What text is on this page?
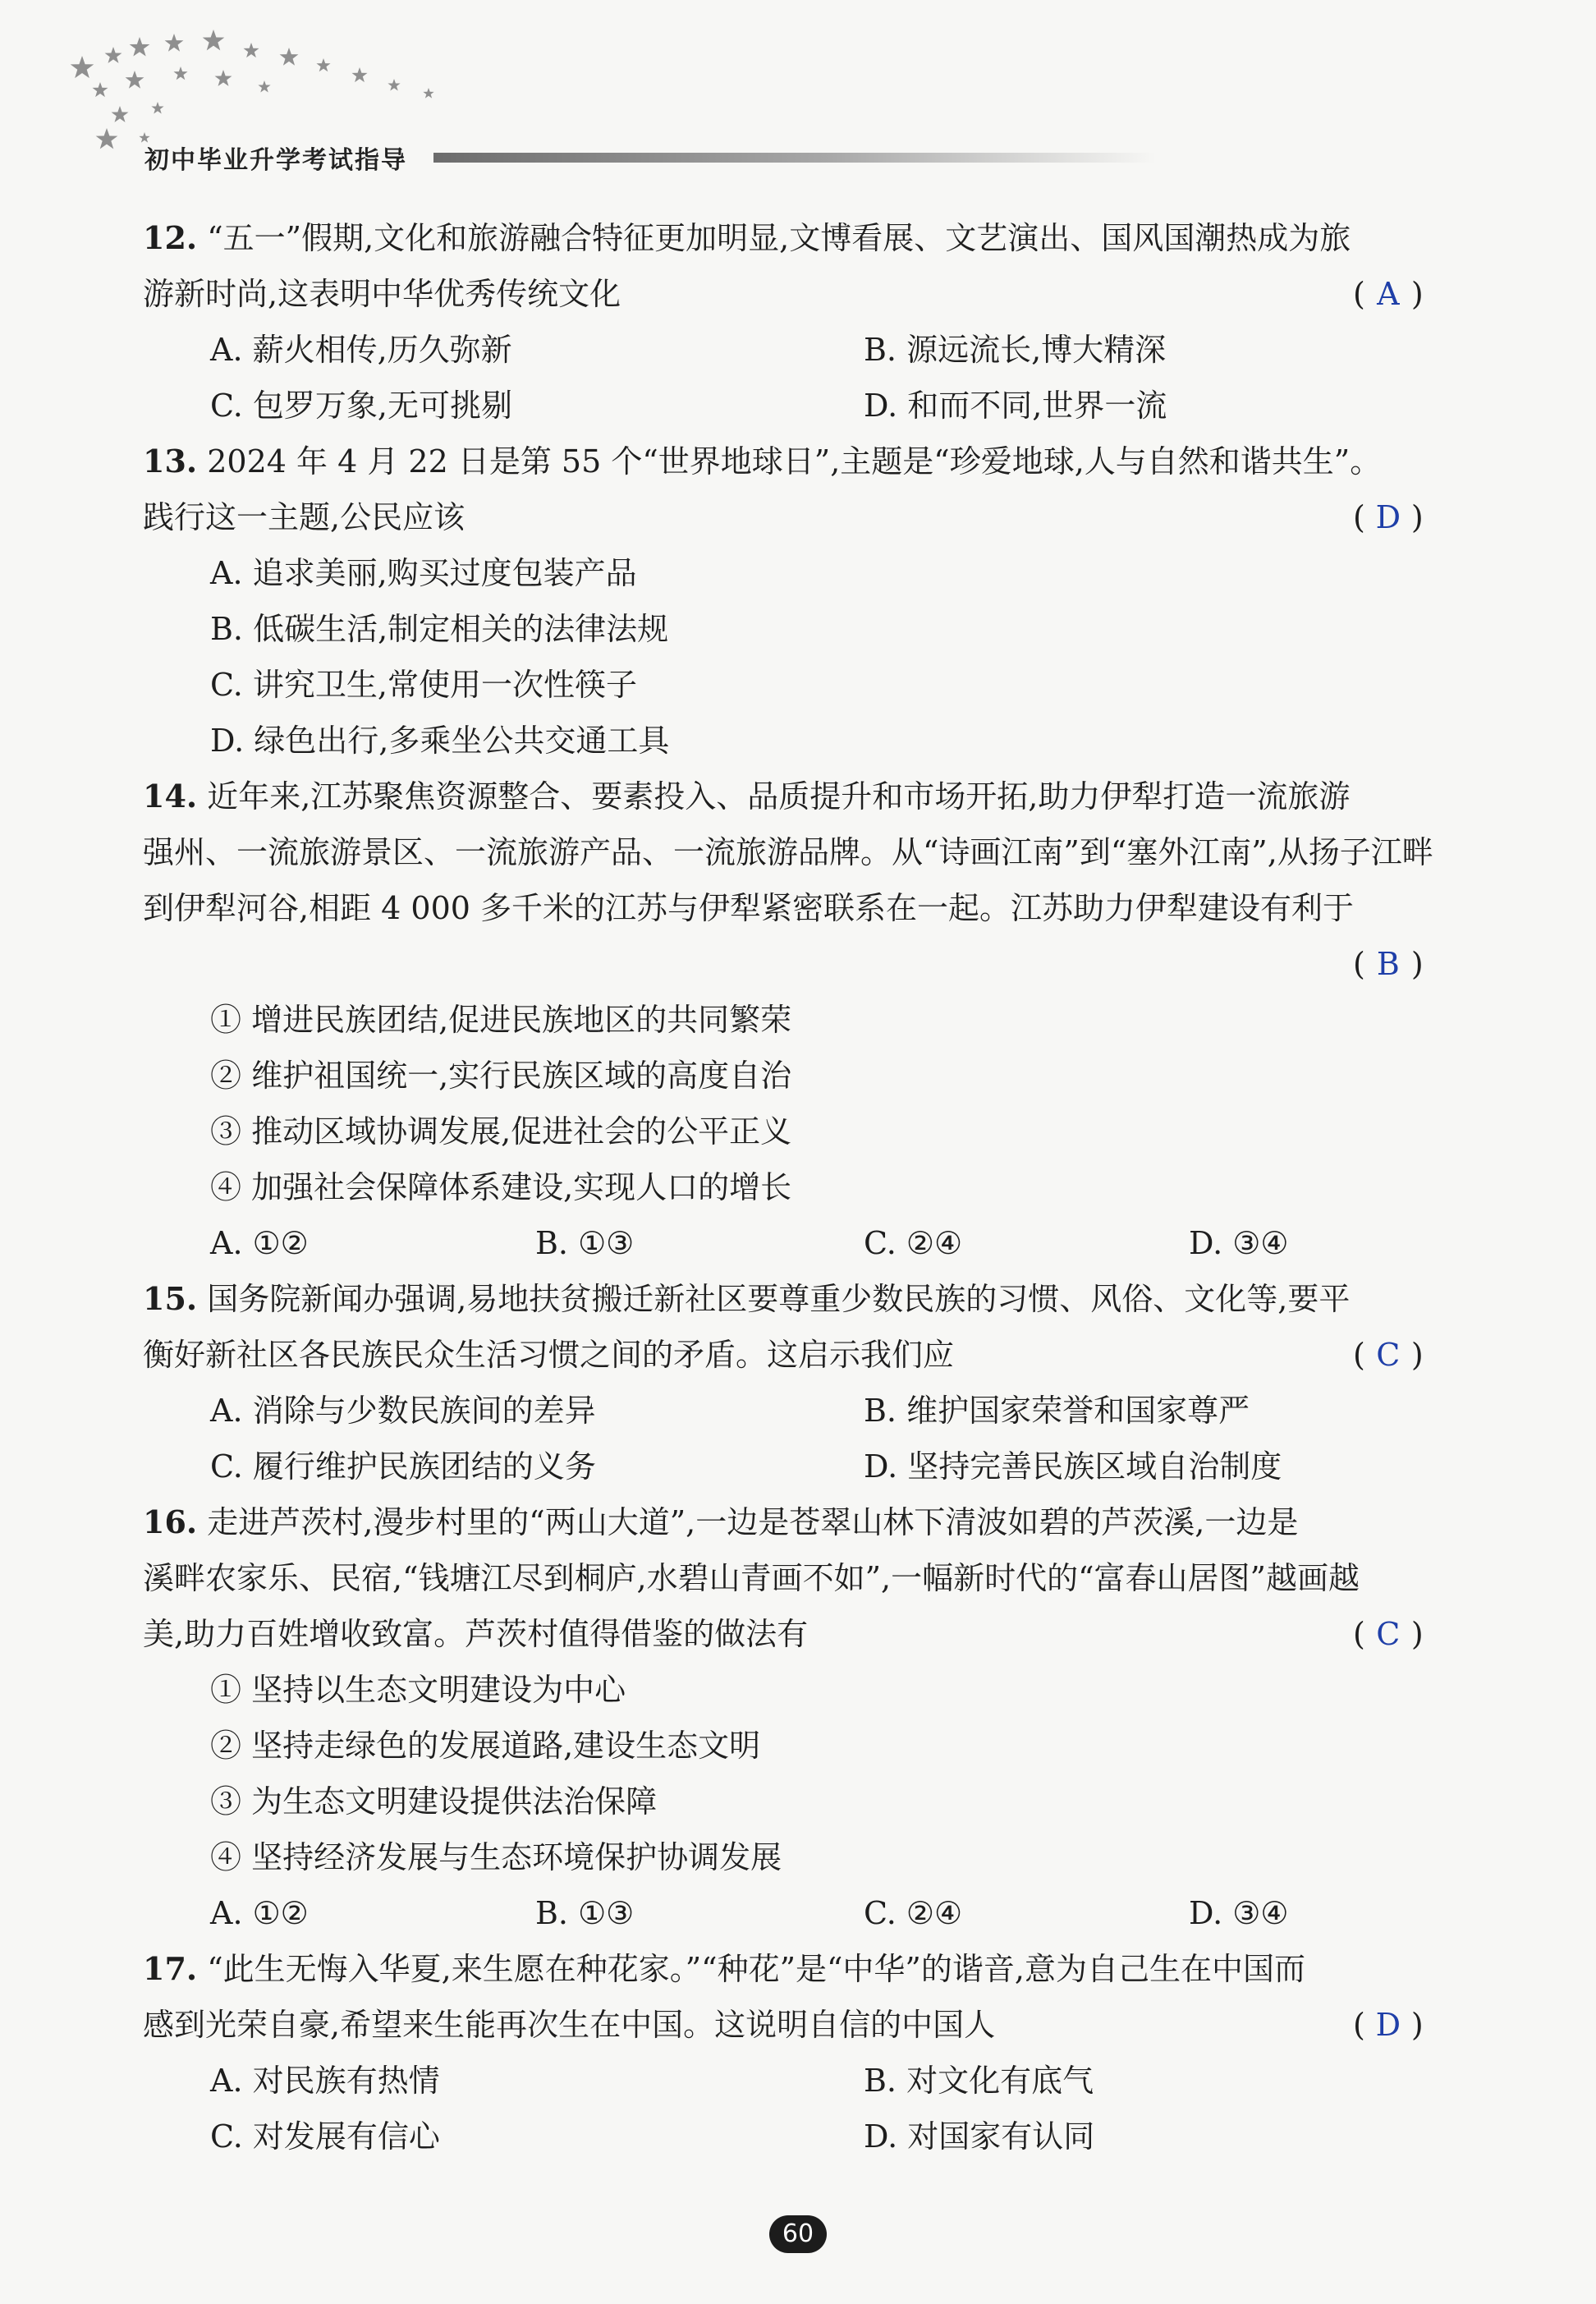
初中毕业升学考试指导
12. “五一”假期,文化和旅游融合特征更加明显,文博看展、文艺演出、国风国潮热成为旅
游新时尚,这表明中华优秀传统文化	( A )
A. 薪火相传,历久弥新	B. 源远流长,博大精深
C. 包罗万象,无可挑剔	D. 和而不同,世界一流
13. 2024 年 4 月 22 日是第 55 个“世界地球日”,主题是“珍爱地球,人与自然和谐共生”。
践行这一主题,公民应该	( D )
A. 追求美丽,购买过度包装产品
B. 低碳生活,制定相关的法律法规
C. 讲究卫生,常使用一次性筷子
D. 绿色出行,多乘坐公共交通工具
14. 近年来,江苏聚焦资源整合、要素投入、品质提升和市场开拓,助力伊犁打造一流旅游
强州、一流旅游景区、一流旅游产品、一流旅游品牌。从“诗画江南”到“塞外江南”,从扬子江畔
到伊犁河谷,相距 4 000 多千米的江苏与伊犁紧密联系在一起。江苏助力伊犁建设有利于
( B )
① 增进民族团结,促进民族地区的共同繁荣
② 维护祖国统一,实行民族区域的高度自治
③ 推动区域协调发展,促进社会的公平正义
④ 加强社会保障体系建设,实现人口的增长
A. ①②	B. ①③	C. ②④	D. ③④
15. 国务院新闻办强调,易地扶贫搬迁新社区要尊重少数民族的习惯、风俗、文化等,要平
衡好新社区各民族民众生活习惯之间的矛盾。这启示我们应	( C )
A. 消除与少数民族间的差异	B. 维护国家荣誉和国家尊严
C. 履行维护民族团结的义务	D. 坚持完善民族区域自治制度
16. 走进芦茨村,漫步村里的“两山大道”,一边是苍翠山林下清波如碧的芦茨溪,一边是
溪畔农家乐、民宿,“钱塘江尽到桐庐,水碧山青画不如”,一幅新时代的“富春山居图”越画越
美,助力百姓增收致富。芦茨村值得借鉴的做法有	( C )
① 坚持以生态文明建设为中心
② 坚持走绿色的发展道路,建设生态文明
③ 为生态文明建设提供法治保障
④ 坚持经济发展与生态环境保护协调发展
A. ①②	B. ①③	C. ②④	D. ③④
17. “此生无悔入华夏,来生愿在种花家。”“种花”是“中华”的谐音,意为自己生在中国而
感到光荣自豪,希望来生能再次生在中国。这说明自信的中国人	( D )
A. 对民族有热情	B. 对文化有底气
C. 对发展有信心	D. 对国家有认同
60
